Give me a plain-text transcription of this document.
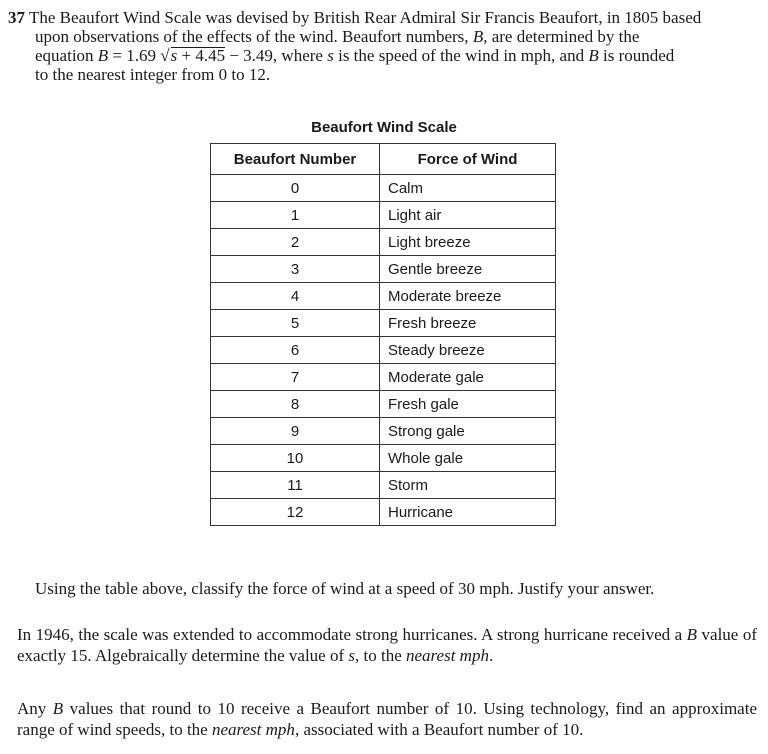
37 The Beaufort Wind Scale was devised by British Rear Admiral Sir Francis Beaufort, in 1805 based
upon observations of the effects of the wind. Beaufort numbers, B, are determined by the
equation B = 1.69 √s + 4.45 − 3.49, where s is the speed of the wind in mph, and B is rounded
to the nearest integer from 0 to 12.
Beaufort Wind Scale
Beaufort Number	Force of Wind
0	Calm
1	Light air
2	Light breeze
3	Gentle breeze
4	Moderate breeze
5	Fresh breeze
6	Steady breeze
7	Moderate gale
8	Fresh gale
9	Strong gale
10	Whole gale
11	Storm
12	Hurricane
Using the table above, classify the force of wind at a speed of 30 mph. Justify your answer.
In 1946, the scale was extended to accommodate strong hurricanes. A strong hurricane received a B value of exactly 15. Algebraically determine the value of s, to the nearest mph.
Any B values that round to 10 receive a Beaufort number of 10. Using technology, find an approximate range of wind speeds, to the nearest mph, associated with a Beaufort number of 10.
